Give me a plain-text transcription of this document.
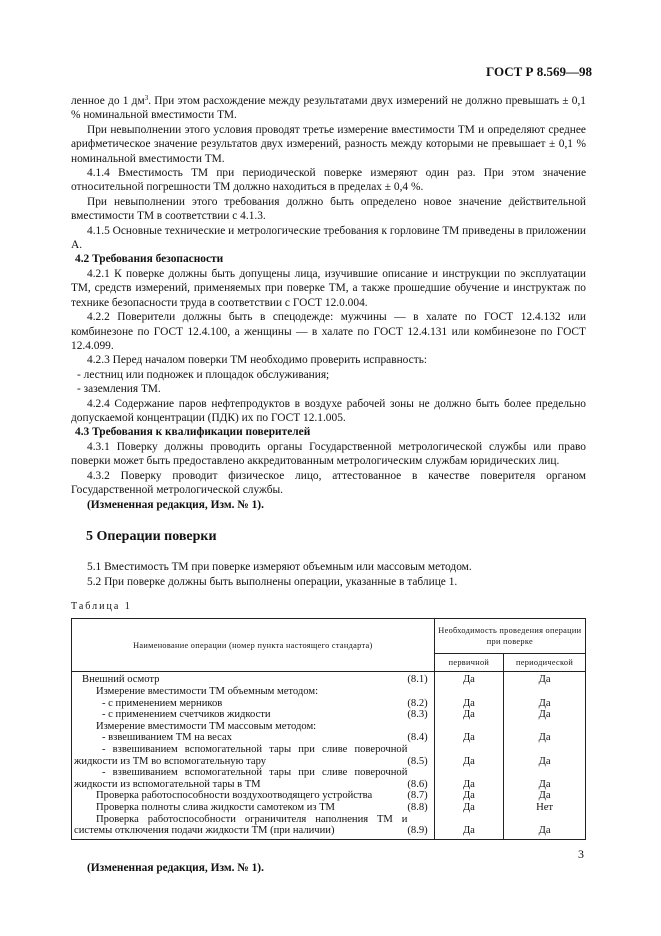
ГОСТ Р 8.569—98

ленное до 1 $дм^3$. При этом расхождение между результатами двух измерений не должно превышать ± 0,1 % номинальной вместимости ТМ.

При невыполнении этого условия проводят третье измерение вместимости ТМ и определяют среднее арифметическое значение результатов двух измерений, разность между которыми не превышает ± 0,1 % номинальной вместимости ТМ.

4.1.4 Вместимость ТМ при периодической поверке измеряют один раз. При этом значение относительной погрешности ТМ должно находиться в пределах ± 0,4 %.

При невыполнении этого требования должно быть определено новое значение действительной вместимости ТМ в соответствии с 4.1.3.

4.1.5 Основные технические и метрологические требования к горловине ТМ приведены в приложении А.

4.2 Требования безопасности

4.2.1 К поверке должны быть допущены лица, изучившие описание и инструкции по эксплуатации ТМ, средств измерений, применяемых при поверке ТМ, а также прошедшие обучение и инструктаж по технике безопасности труда в соответствии с ГОСТ 12.0.004.

4.2.2 Поверители должны быть в спецодежде: мужчины — в халате по ГОСТ 12.4.132 или комбинезоне по ГОСТ 12.4.100, а женщины — в халате по ГОСТ 12.4.131 или комбинезоне по ГОСТ 12.4.099.

4.2.3 Перед началом поверки ТМ необходимо проверить исправность:

- лестниц или подножек и площадок обслуживания;

- заземления ТМ.

4.2.4 Содержание паров нефтепродуктов в воздухе рабочей зоны не должно быть более предельно допускаемой концентрации (ПДК) их по ГОСТ 12.1.005.

4.3 Требования к квалификации поверителей

4.3.1 Поверку должны проводить органы Государственной метрологической службы или право поверки может быть предоставлено аккредитованным метрологическим службам юридических лиц.

4.3.2 Поверку проводит физическое лицо, аттестованное в качестве поверителя органом Государственной метрологической службы.

(Измененная редакция, Изм. № 1).

5 Операции поверки

5.1 Вместимость ТМ при поверке измеряют объемным или массовым методом.

5.2 При поверке должны быть выполнены операции, указанные в таблице 1.

Таблица 1

Наименование операции (номер пункта настоящего стандарта)		Необходимость проведения операции при поверке	
		первичной	периодической

Внешний осмотр	(8.1)	Да	Да

Измерение вместимости ТМ объемным методом:			

- с применением мерников	(8.2)	Да	Да

- с применением счетчиков жидкости	(8.3)	Да	Да

Измерение вместимости ТМ массовым методом:			

- взвешиванием ТМ на весах	(8.4)	Да	Да

- взвешиванием вспомогательной тары при сливе поверочной жидкости из ТМ во вспомогательную тару	(8.5)	Да	Да

- взвешиванием вспомогательной тары при сливе поверочной жидкости из вспомогательной тары в ТМ	(8.6)	Да	Да

Проверка работоспособности воздухоотводящего устройства	(8.7)	Да	Да

Проверка полноты слива жидкости самотеком из ТМ	(8.8)	Да	Нет

Проверка работоспособности ограничителя наполнения ТМ и системы отключения подачи жидкости ТМ (при наличии)	(8.9)	Да	Да

(Измененная редакция, Изм. № 1).

3
